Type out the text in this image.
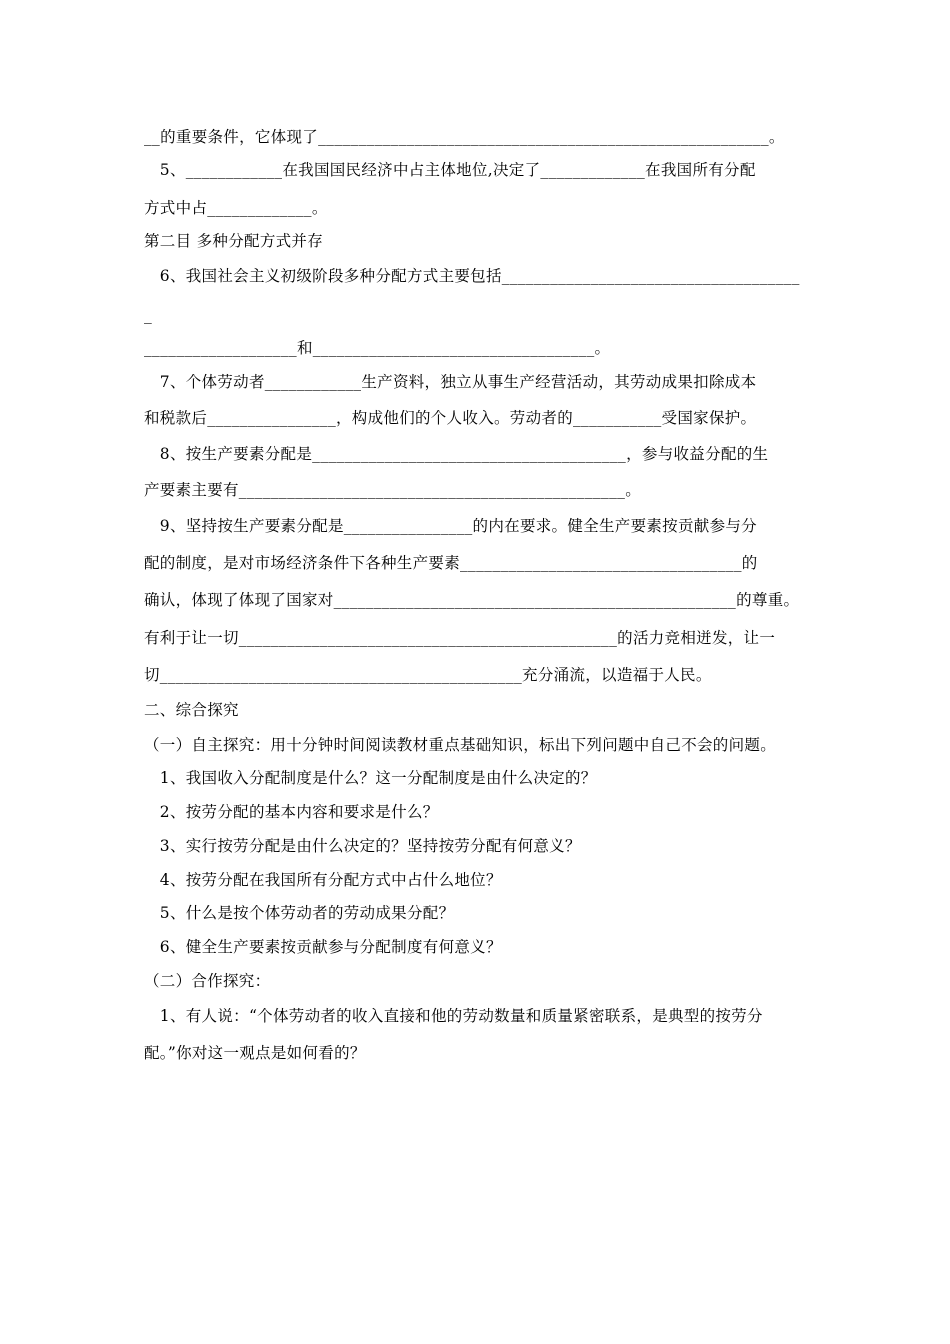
__的重要条件，它体现了________________________________________________________。
　5、____________在我国国民经济中占主体地位,决定了_____________在我国所有分配
方式中占_____________。
第二目 多种分配方式并存
　6、我国社会主义初级阶段多种分配方式主要包括_____________________________________
_
___________________和___________________________________。
　7、个体劳动者____________生产资料，独立从事生产经营活动，其劳动成果扣除成本
和税款后________________，构成他们的个人收入。劳动者的___________受国家保护。
　8、按生产要素分配是_______________________________________，参与收益分配的生
产要素主要有________________________________________________。
　9、坚持按生产要素分配是________________的内在要求。健全生产要素按贡献参与分
配的制度，是对市场经济条件下各种生产要素___________________________________的
确认，体现了体现了国家对__________________________________________________的尊重。
有利于让一切_______________________________________________的活力竞相迸发，让一
切_____________________________________________充分涌流，以造福于人民。
二、综合探究
（一）自主探究：用十分钟时间阅读教材重点基础知识，标出下列问题中自己不会的问题。
　1、我国收入分配制度是什么？这一分配制度是由什么决定的？
　2、按劳分配的基本内容和要求是什么？
　3、实行按劳分配是由什么决定的？坚持按劳分配有何意义？
　4、按劳分配在我国所有分配方式中占什么地位？
　5、什么是按个体劳动者的劳动成果分配？
　6、健全生产要素按贡献参与分配制度有何意义？
（二）合作探究：
　1、有人说：“个体劳动者的收入直接和他的劳动数量和质量紧密联系，是典型的按劳分
配。”你对这一观点是如何看的？
